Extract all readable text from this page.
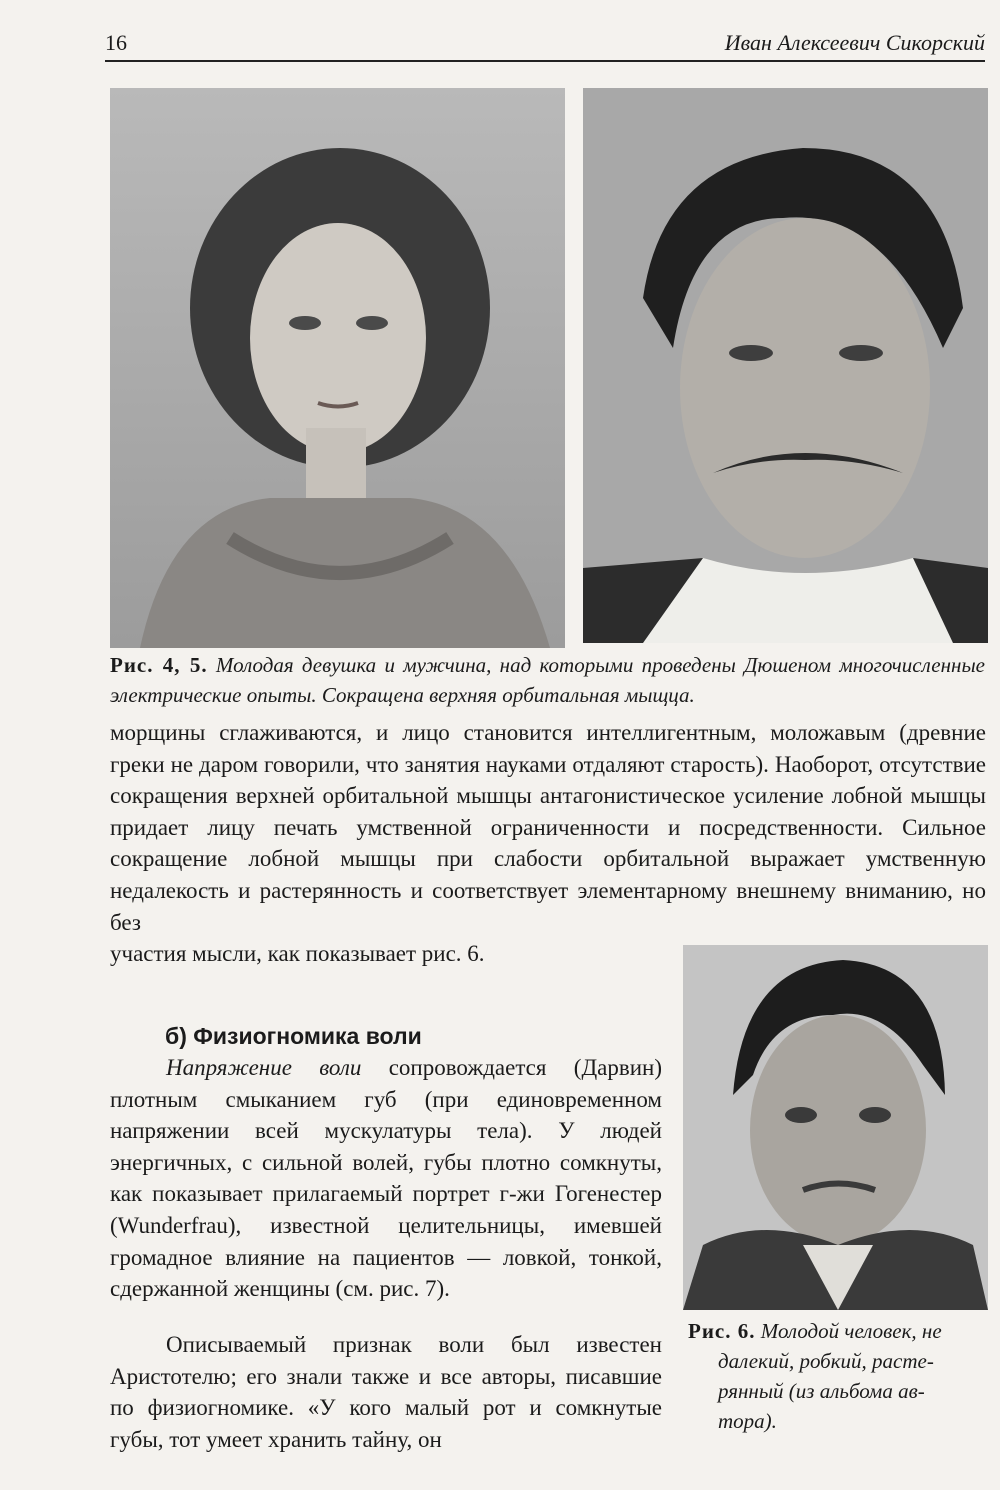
16	Иван Алексеевич Сикорский
Рис. 4, 5. Молодая девушка и мужчина, над которыми проведены Дюшеном многочисленные электрические опыты. Сокращена верхняя орбитальная мыщца.
морщины сглаживаются, и лицо становится интеллигентным, моложавым (древние греки не даром говорили, что занятия науками отдаляют старость). Наоборот, отсутствие сокращения верхней орбитальной мышцы антагонистическое усиление лобной мышцы придает лицу печать умственной ограниченности и посредственности. Сильное сокращение лобной мышцы при слабости орбитальной выражает умственную недалекость и растерянность и соответствует элементарному внешнему вниманию, но без
участия мысли, как показывает рис. 6.
б) Физиогномика воли
Напряжение воли сопровождается (Дарвин) плотным смыканием губ (при единовременном напряжении всей мускулатуры тела). У людей энергичных, с сильной волей, губы плотно сомкнуты, как показывает прилагаемый портрет г-жи Гогенестер (Wunderfrau), известной целительницы, имевшей громадное влияние на пациентов — ловкой, тонкой, сдержанной женщины (см. рис. 7).
Описываемый признак воли был известен Аристотелю; его знали также и все авторы, писавшие по физиогномике. «У кого малый рот и сомкнутые губы, тот умеет хранить тайну, он
Рис. 6. Молодой человек, не
далекий, робкий, расте-
рянный (из альбома ав-
тора).
